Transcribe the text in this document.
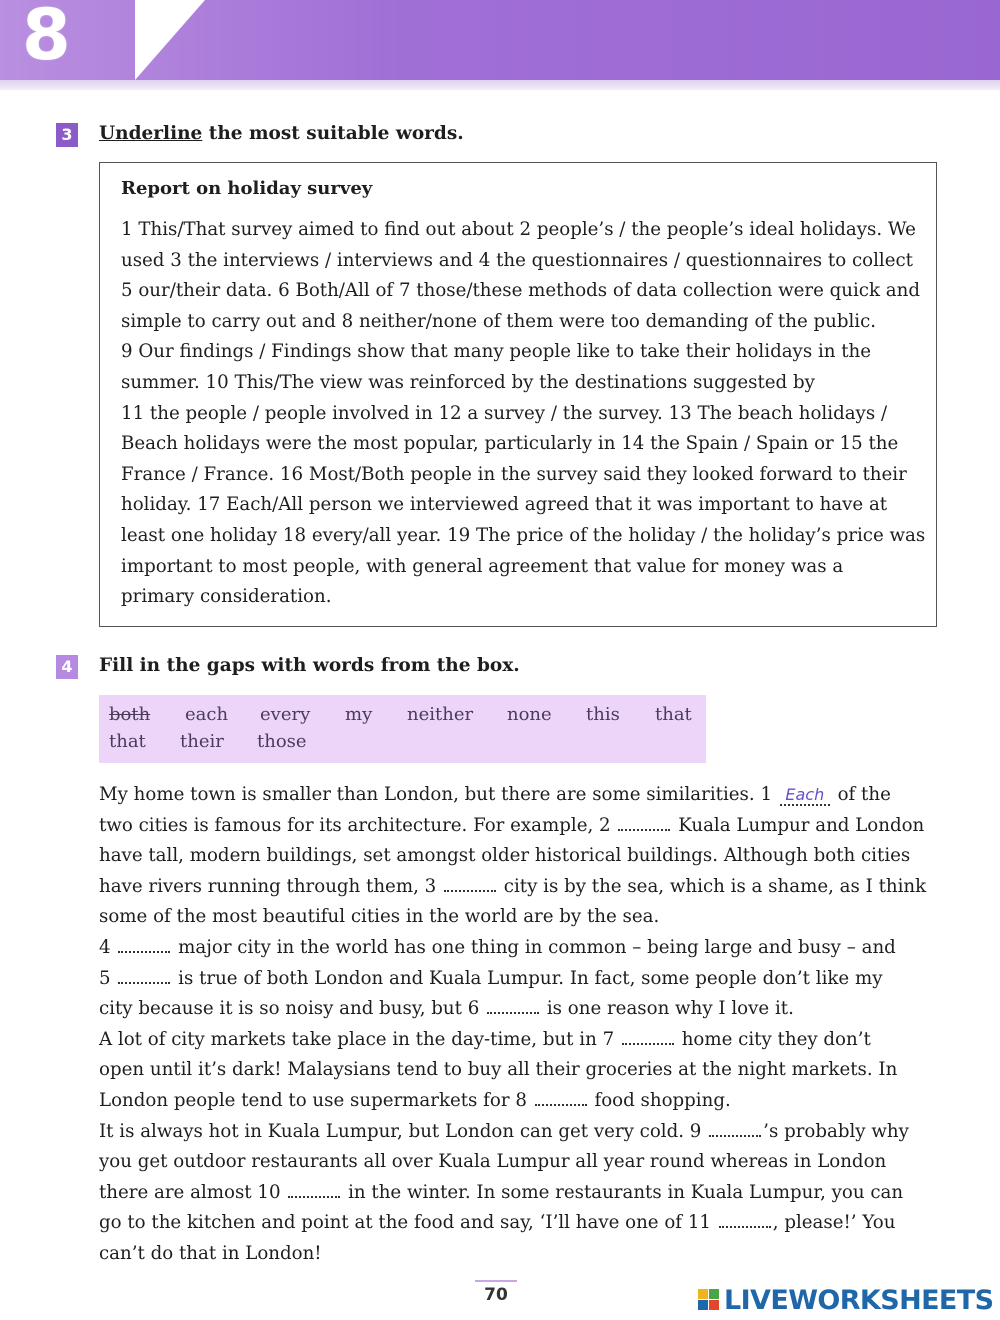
8
3 Underline the most suitable words.
Report on holiday survey
1 This/That survey aimed to find out about 2 people’s / the people’s ideal holidays. We
used 3 the interviews / interviews and 4 the questionnaires / questionnaires to collect
5 our/their data. 6 Both/All of 7 those/these methods of data collection were quick and
simple to carry out and 8 neither/none of them were too demanding of the public.
9 Our findings / Findings show that many people like to take their holidays in the
summer. 10 This/The view was reinforced by the destinations suggested by
11 the people / people involved in 12 a survey / the survey. 13 The beach holidays /
Beach holidays were the most popular, particularly in 14 the Spain / Spain or 15 the
France / France. 16 Most/Both people in the survey said they looked forward to their
holiday. 17 Each/All person we interviewed agreed that it was important to have at
least one holiday 18 every/all year. 19 The price of the holiday / the holiday’s price was
important to most people, with general agreement that value for money was a
primary consideration.
4 Fill in the gaps with words from the box.
both each every my neither none this that
that their those
My home town is smaller than London, but there are some similarities. 1 Each of the
two cities is famous for its architecture. For example, 2	Kuala Lumpur and London
have tall, modern buildings, set amongst older historical buildings. Although both cities
have rivers running through them, 3	city is by the sea, which is a shame, as I think
some of the most beautiful cities in the world are by the sea.
4	major city in the world has one thing in common – being large and busy – and
5	is true of both London and Kuala Lumpur. In fact, some people don’t like my
city because it is so noisy and busy, but 6	is one reason why I love it.
A lot of city markets take place in the day-time, but in 7	home city they don’t
open until it’s dark! Malaysians tend to buy all their groceries at the night markets. In
London people tend to use supermarkets for 8	food shopping.
It is always hot in Kuala Lumpur, but London can get very cold. 9	’s probably why
you get outdoor restaurants all over Kuala Lumpur all year round whereas in London
there are almost 10	in the winter. In some restaurants in Kuala Lumpur, you can
go to the kitchen and point at the food and say, ‘I’ll have one of 11	, please!’ You
can’t do that in London!
70	LIVEWORKSHEETS
